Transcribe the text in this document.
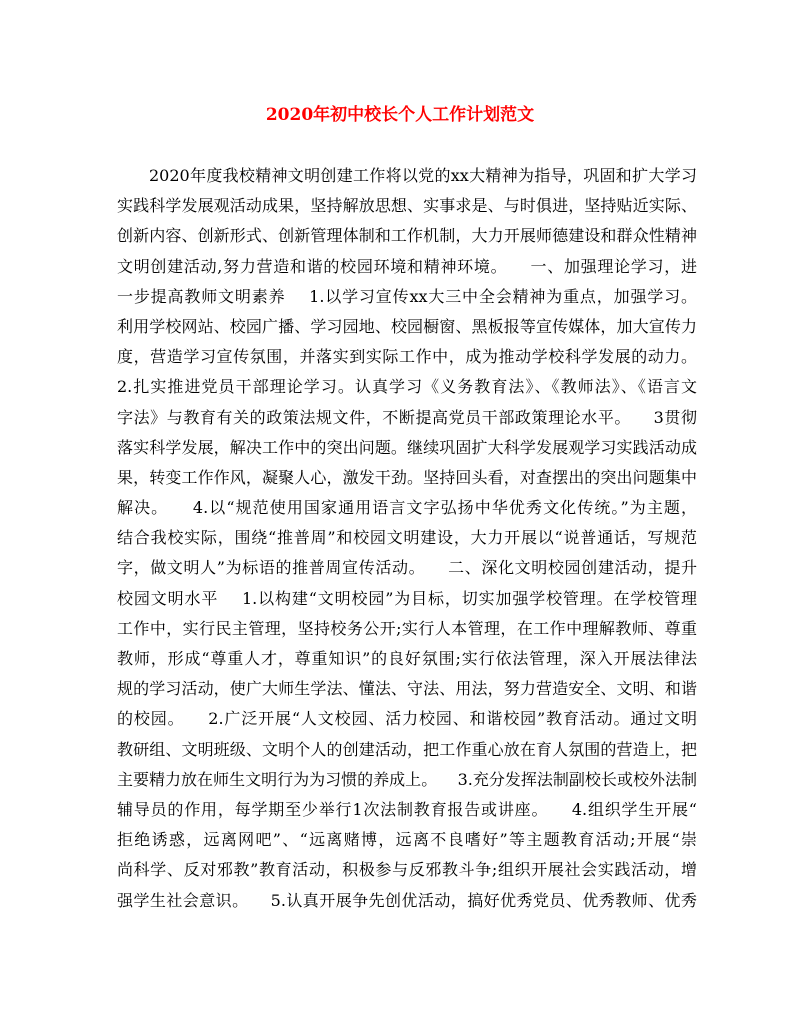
2020年初中校长个人工作计划范文
2020年度我校精神文明创建工作将以党的xx大精神为指导，巩固和扩大学习
实践科学发展观活动成果，坚持解放思想、实事求是、与时俱进，坚持贴近实际、
创新内容、创新形式、创新管理体制和工作机制，大力开展师德建设和群众性精神
文明创建活动,努力营造和谐的校园环境和精神环境。    一、加强理论学习，进
一步提高教师文明素养    1.以学习宣传xx大三中全会精神为重点，加强学习。
利用学校网站、校园广播、学习园地、校园橱窗、黑板报等宣传媒体，加大宣传力
度，营造学习宣传氛围，并落实到实际工作中，成为推动学校科学发展的动力。
2.扎实推进党员干部理论学习。认真学习《义务教育法》、《教师法》、《语言文
字法》与教育有关的政策法规文件，不断提高党员干部政策理论水平。    3贯彻
落实科学发展，解决工作中的突出问题。继续巩固扩大科学发展观学习实践活动成
果，转变工作作风，凝聚人心，激发干劲。坚持回头看，对查摆出的突出问题集中
解决。    4.以“规范使用国家通用语言文字弘扬中华优秀文化传统。”为主题，
结合我校实际，围绕“推普周”和校园文明建设，大力开展以“说普通话，写规范
字，做文明人”为标语的推普周宣传活动。    二、深化文明校园创建活动，提升
校园文明水平    1.以构建“文明校园”为目标，切实加强学校管理。在学校管理
工作中，实行民主管理，坚持校务公开;实行人本管理，在工作中理解教师、尊重
教师，形成“尊重人才，尊重知识”的良好氛围;实行依法管理，深入开展法律法
规的学习活动，使广大师生学法、懂法、守法、用法，努力营造安全、文明、和谐
的校园。    2.广泛开展“人文校园、活力校园、和谐校园”教育活动。通过文明
教研组、文明班级、文明个人的创建活动，把工作重心放在育人氛围的营造上，把
主要精力放在师生文明行为为习惯的养成上。    3.充分发挥法制副校长或校外法制
辅导员的作用，每学期至少举行1次法制教育报告或讲座。    4.组织学生开展“
拒绝诱惑，远离网吧”、“远离赌博，远离不良嗜好”等主题教育活动;开展“崇
尚科学、反对邪教”教育活动，积极参与反邪教斗争;组织开展社会实践活动，增
强学生社会意识。    5.认真开展争先创优活动，搞好优秀党员、优秀教师、优秀
